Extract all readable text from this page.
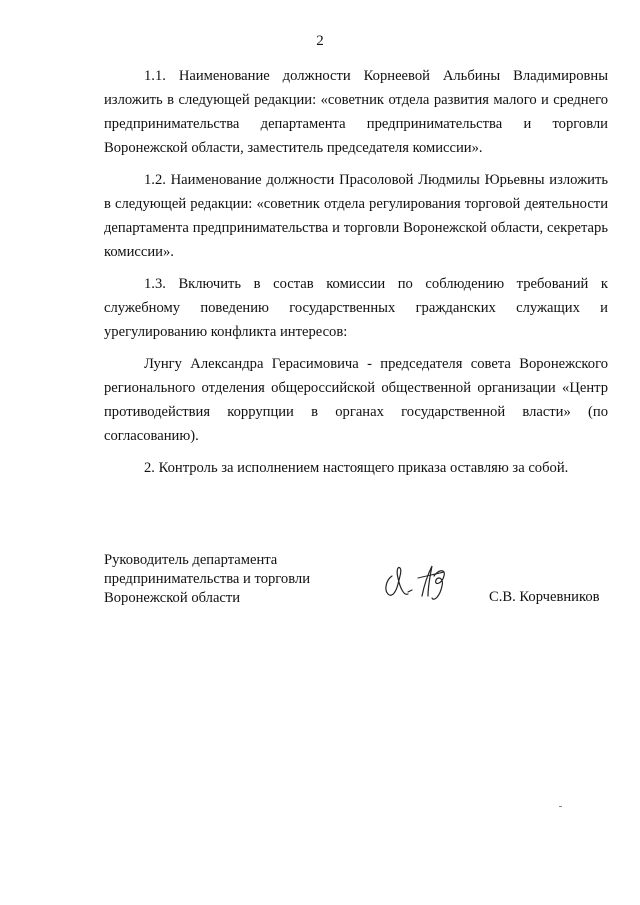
2

1.1. Наименование должности Корнеевой Альбины Владимировны изложить в следующей редакции: «советник отдела развития малого и среднего предпринимательства департамента предпринимательства и торговли Воронежской области, заместитель председателя комиссии».

1.2. Наименование должности Прасоловой Людмилы Юрьевны изложить в следующей редакции: «советник отдела регулирования торговой деятельности департамента предпринимательства и торговли Воронежской области, секретарь комиссии».

1.3. Включить в состав комиссии по соблюдению требований к служебному поведению государственных гражданских служащих и урегулированию конфликта интересов:

Лунгу Александра Герасимовича - председателя совета Воронежского регионального отделения общероссийской общественной организации «Центр противодействия коррупции в органах государственной власти» (по согласованию).

2. Контроль за исполнением настоящего приказа оставляю за собой.

Руководитель департамента
предпринимательства и торговли
Воронежской области	С.В. Корчевников
